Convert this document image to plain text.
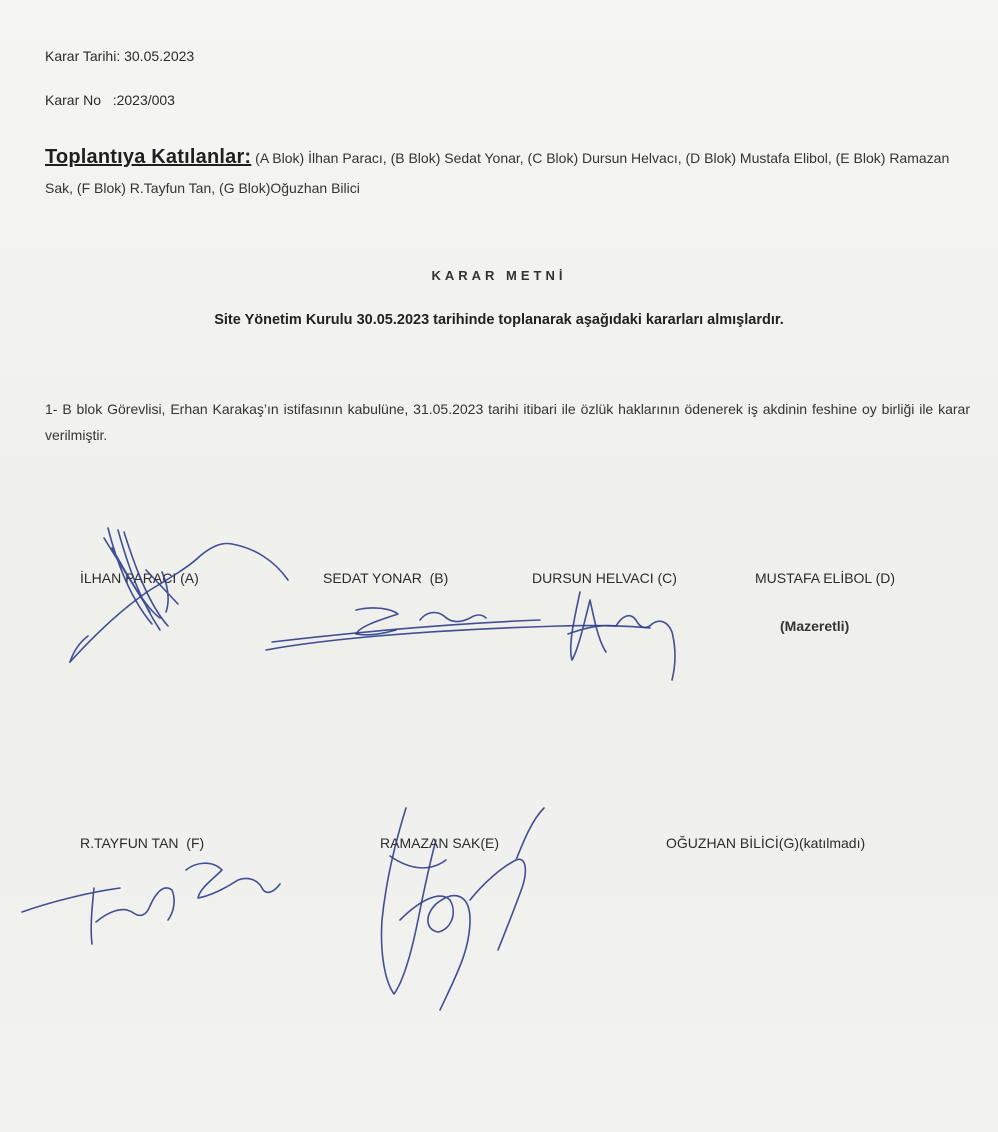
Karar Tarihi: 30.05.2023
Karar No   :2023/003
Toplantıya Katılanlar: (A Blok) İlhan Paracı, (B Blok) Sedat Yonar, (C Blok) Dursun Helvacı, (D Blok) Mustafa Elibol, (E Blok) Ramazan Sak, (F Blok) R.Tayfun Tan, (G Blok)Oğuzhan Bilici
KARAR METNİ
Site Yönetim Kurulu 30.05.2023 tarihinde toplanarak aşağıdaki kararları almışlardır.
1- B blok Görevlisi, Erhan Karakaş’ın istifasının kabulüne, 31.05.2023 tarihi itibari ile özlük haklarının ödenerek iş akdinin feshine oy birliği ile karar verilmiştir.
İLHAN PARACI (A)	SEDAT YONAR  (B)	DURSUN HELVACI (C)	MUSTAFA ELİBOL (D)
(Mazeretli)
R.TAYFUN TAN  (F)	RAMAZAN SAK(E)	OĞUZHAN BİLİCİ(G)(katılmadı)
